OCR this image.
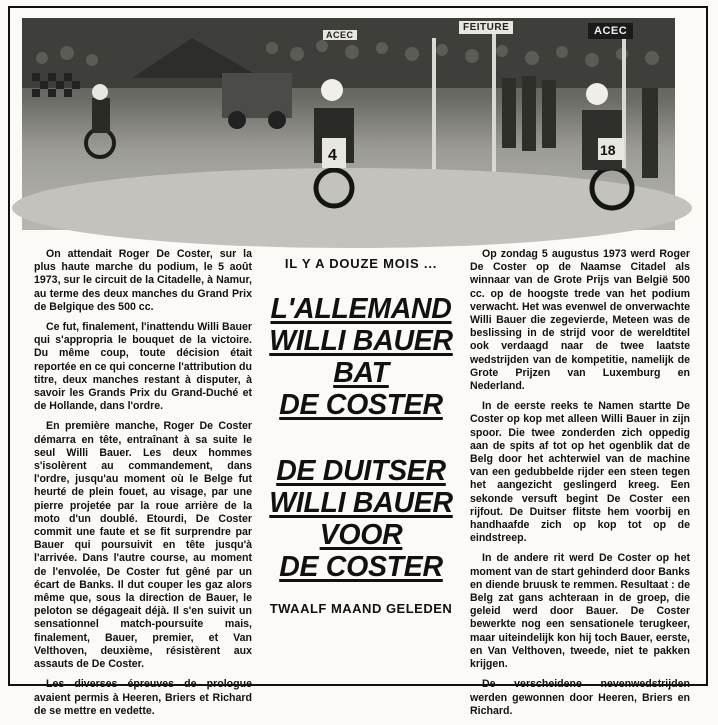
4	18
FEITURE	ACEC
ACEC

On attendait Roger De Coster, sur la plus haute marche du podium, le 5 août 1973, sur le circuit de la Citadelle, à Namur, au terme des deux manches du Grand Prix de Belgique des 500 cc.

Ce fut, finalement, l'inattendu Willi Bauer qui s'appropria le bouquet de la victoire. Du même coup, toute décision était reportée en ce qui concerne l'attribution du titre, deux manches restant à disputer, à savoir les Grands Prix du Grand-Duché et de Hollande, dans l'ordre.

En première manche, Roger De Coster démarra en tête, entraînant à sa suite le seul Willi Bauer. Les deux hommes s'isolèrent au commandement, dans l'ordre, jusqu'au moment où le Belge fut heurté de plein fouet, au visage, par une pierre projetée par la roue arrière de la moto d'un doublé. Etourdi, De Coster commit une faute et se fit surprendre par Bauer qui poursuivit en tête jusqu'à l'arrivée. Dans l'autre course, au moment de l'envolée, De Coster fut gêné par un écart de Banks. Il dut couper les gaz alors même que, sous la direction de Bauer, le peloton se dégageait déjà. Il s'en suivit un sensationnel match-poursuite mais, finalement, Bauer, premier, et Van Velthoven, deuxième, résistèrent aux assauts de De Coster.

Les diverses épreuves de prologue avaient permis à Heeren, Briers et Richard de se mettre en vedette.

IL Y A DOUZE MOIS ...
L'ALLEMAND
WILLI BAUER
BAT
DE COSTER
DE DUITSER
WILLI BAUER
VOOR
DE COSTER
TWAALF MAAND GELEDEN

Op zondag 5 augustus 1973 werd Roger De Coster op de Naamse Citadel als winnaar van de Grote Prijs van België 500 cc. op de hoogste trede van het podium verwacht. Het was evenwel de onverwachte Willi Bauer die zegevierde, Meteen was de beslissing in de strijd voor de wereldtitel ook verdaagd naar de twee laatste wedstrijden van de kompetitie, namelijk de Grote Prijzen van Luxemburg en Nederland.

In de eerste reeks te Namen startte De Coster op kop met alleen Willi Bauer in zijn spoor. Die twee zonderden zich oppedig aan de spits af tot op het ogenblik dat de Belg door het achterwiel van de machine van een gedubbelde rijder een steen tegen het aangezicht geslingerd kreeg. Een sekonde versuft begint De Coster een rijfout. De Duitser flitste hem voorbij en handhaafde zich op kop tot op de eindstreep.

In de andere rit werd De Coster op het moment van de start gehinderd door Banks en diende bruusk te remmen. Resultaat : de Belg zat gans achteraan in de groep, die geleid werd door Bauer. De Coster bewerkte nog een sensationele terugkeer, maar uiteindelijk kon hij toch Bauer, eerste, en Van Velthoven, tweede, niet te pakken krijgen.

De verscheidene nevenwedstrijden werden gewonnen door Heeren, Briers en Richard.
